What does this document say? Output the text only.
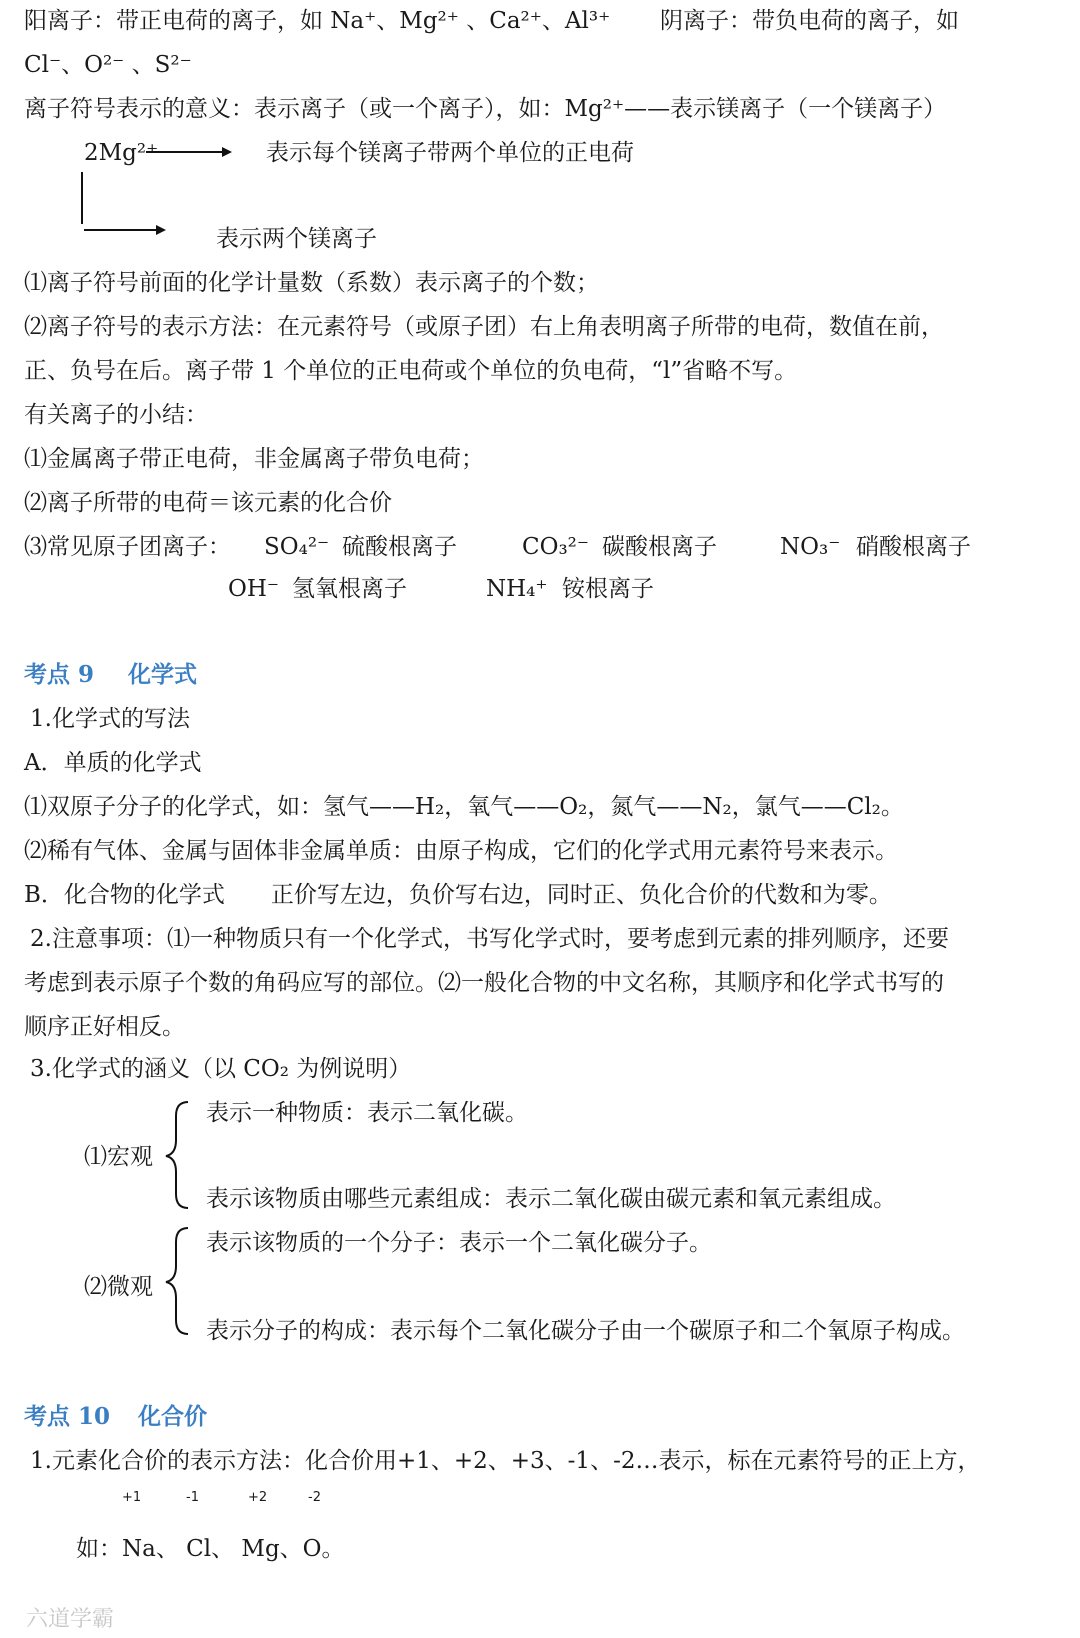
阳离子：带正电荷的离子，如 Na⁺、Mg²⁺ 、Ca²⁺、Al³⁺ 阴离子：带负电荷的离子，如
Cl⁻、O²⁻ 、S²⁻
离子符号表示的意义：表示离子（或一个离子），如：Mg²⁺——表示镁离子（一个镁离子）
2Mg²⁺	表示每个镁离子带两个单位的正电荷
表示两个镁离子
⑴离子符号前面的化学计量数（系数）表示离子的个数；
⑵离子符号的表示方法：在元素符号（或原子团）右上角表明离子所带的电荷，数值在前，
正、负号在后。离子带 1 个单位的正电荷或个单位的负电荷，“l”省略不写。
有关离子的小结：
⑴金属离子带正电荷，非金属离子带负电荷；
⑵离子所带的电荷＝该元素的化合价
⑶常见原子团离子： SO₄²⁻ 硫酸根离子	CO₃²⁻ 碳酸根离子	NO₃⁻ 硝酸根离子
OH⁻ 氢氧根离子	NH₄⁺ 铵根离子
考点 9 化学式
1.化学式的写法
A．单质的化学式
⑴双原子分子的化学式，如：氢气——H₂，氧气——O₂，氮气——N₂，氯气——Cl₂。
⑵稀有气体、金属与固体非金属单质：由原子构成，它们的化学式用元素符号来表示。
B．化合物的化学式　　正价写左边，负价写右边，同时正、负化合价的代数和为零。
2.注意事项：⑴一种物质只有一个化学式，书写化学式时，要考虑到元素的排列顺序，还要
考虑到表示原子个数的角码应写的部位。⑵一般化合物的中文名称，其顺序和化学式书写的
顺序正好相反。
3.化学式的涵义（以 CO₂ 为例说明）
表示一种物质：表示二氧化碳。
⑴宏观
表示该物质由哪些元素组成：表示二氧化碳由碳元素和氧元素组成。
表示该物质的一个分子：表示一个二氧化碳分子。
⑵微观
表示分子的构成：表示每个二氧化碳分子由一个碳原子和二个氧原子构成。
考点 10 化合价
1.元素化合价的表示方法：化合价用+1、+2、+3、-1、-2…表示，标在元素符号的正上方，
+1	-1	+2	-2
如：Na、 Cl、 Mg、O。
六道学霸
